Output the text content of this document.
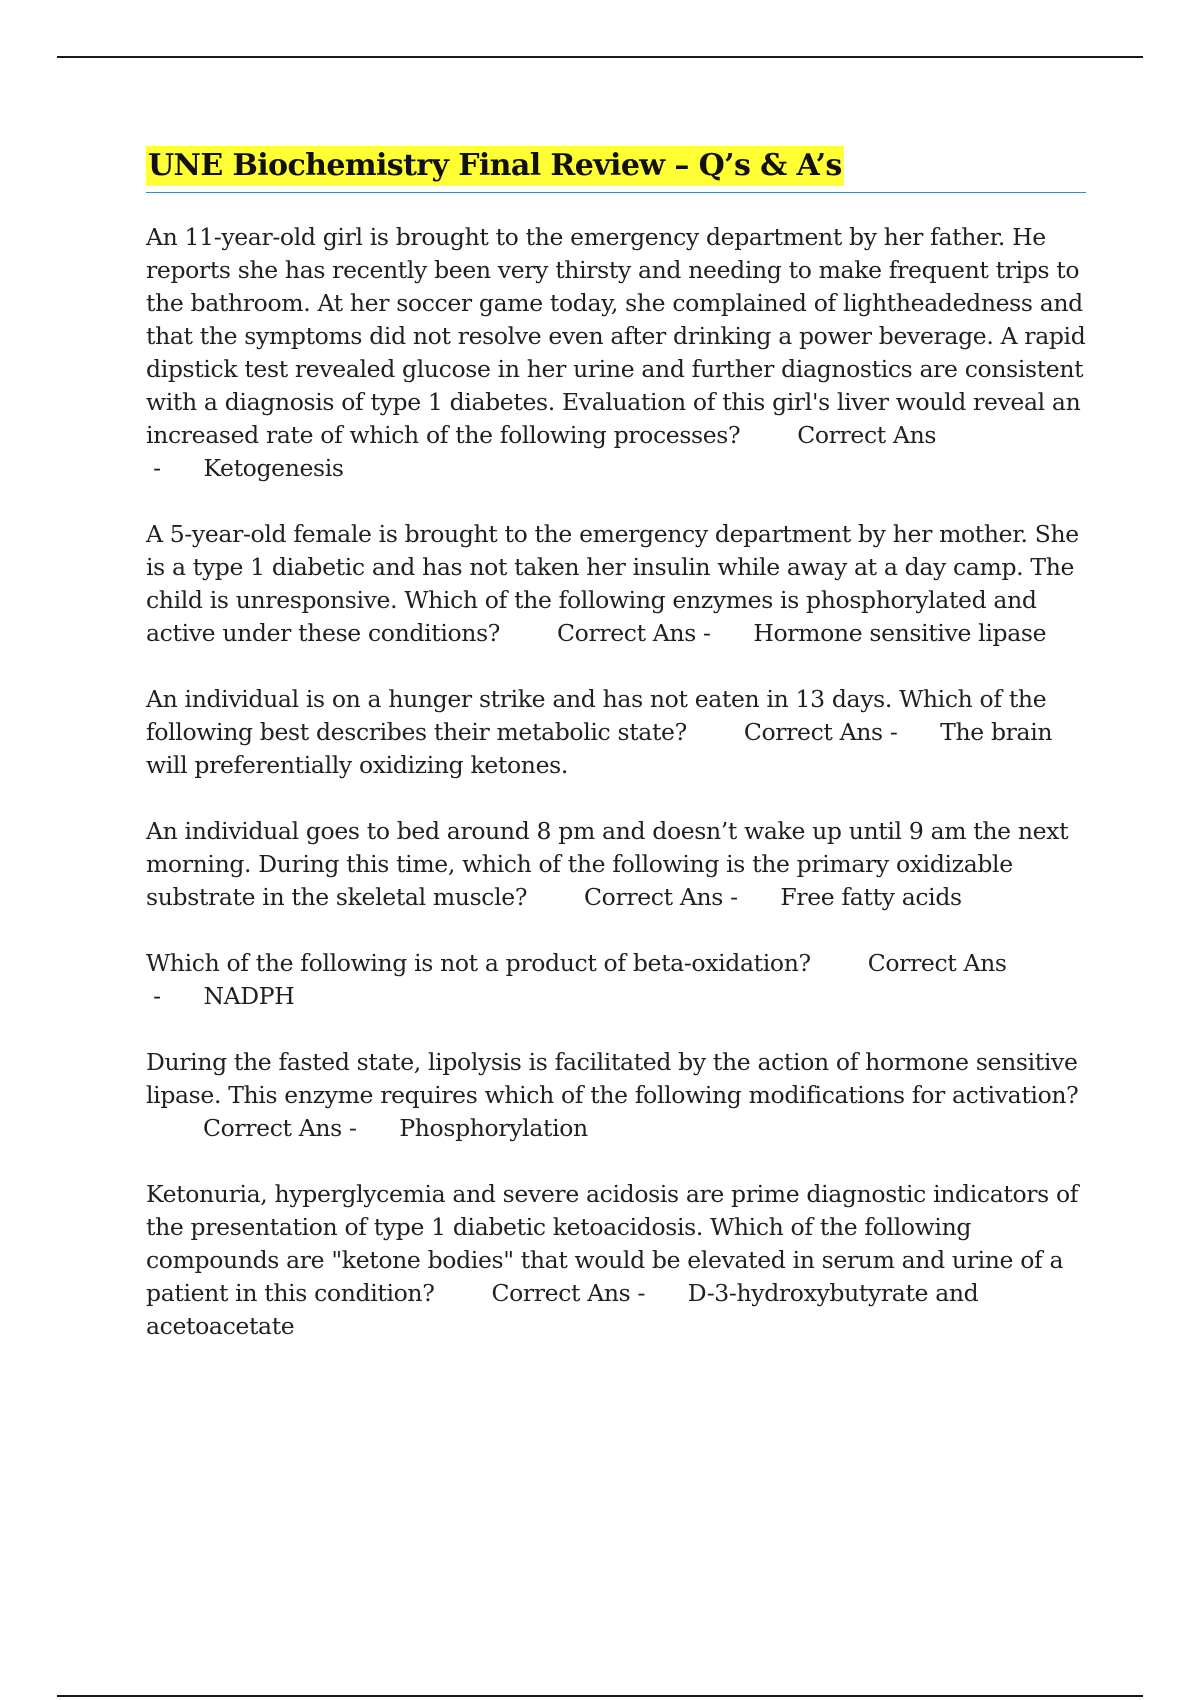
UNE Biochemistry Final Review – Q’s & A’s
An 11-year-old girl is brought to the emergency department by her father. He reports she has recently been very thirsty and needing to make frequent trips to the bathroom. At her soccer game today, she complained of lightheadedness and that the symptoms did not resolve even after drinking a power beverage. A rapid dipstick test revealed glucose in her urine and further diagnostics are consistent with a diagnosis of type 1 diabetes. Evaluation of this girl's liver would reveal an increased rate of which of the following processes? Correct Ans -      Ketogenesis
A 5-year-old female is brought to the emergency department by her mother. She is a type 1 diabetic and has not taken her insulin while away at a day camp. The child is unresponsive. Which of the following enzymes is phosphorylated and active under these conditions? Correct Ans -      Hormone sensitive lipase
An individual is on a hunger strike and has not eaten in 13 days. Which of the following best describes their metabolic state? Correct Ans -      The brain will preferentially oxidizing ketones.
An individual goes to bed around 8 pm and doesn’t wake up until 9 am the next morning. During this time, which of the following is the primary oxidizable substrate in the skeletal muscle? Correct Ans -      Free fatty acids
Which of the following is not a product of beta-oxidation? Correct Ans -      NADPH
During the fasted state, lipolysis is facilitated by the action of hormone sensitive lipase. This enzyme requires which of the following modifications for activation?        Correct Ans -      Phosphorylation
Ketonuria, hyperglycemia and severe acidosis are prime diagnostic indicators of the presentation of type 1 diabetic ketoacidosis. Which of the following compounds are "ketone bodies" that would be elevated in serum and urine of a patient in this condition? Correct Ans -      D-3-hydroxybutyrate and acetoacetate
